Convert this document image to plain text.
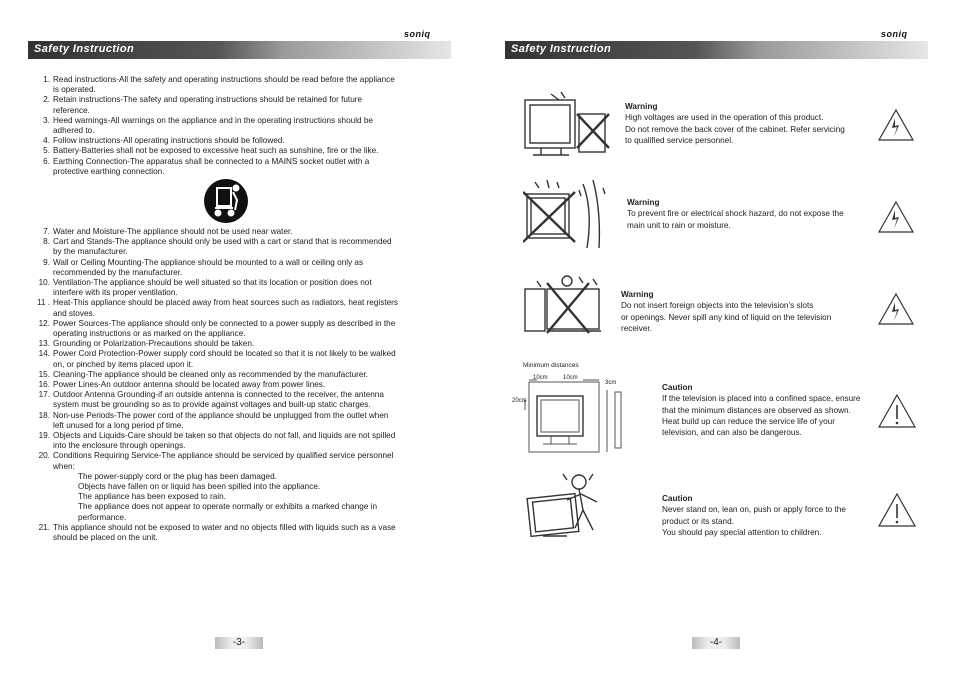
soniq
Safety Instruction
1. Read instructions-All the safety and operating instructions should be read before the appliance
is operated.
2. Retain instructions-The safety and operating instructions should be retained for future
reference.
3. Heed warnings-All warnings on the appliance and in the operating instructions should be
adhered to.
4. Follow instructions-All operating instructions should be followed.
5. Battery-Batteries shall not be exposed to excessive heat such as sunshine, fire or the like.
6. Earthing Connection-The apparatus shall be connected to a MAINS socket outlet with a
protective earthing connection.
7. Water and Moisture-The appliance should not be used near water.
8. Cart and Stands-The appliance should only be used with a cart or stand that is recommended
by the manufacturer.
9. Wall or Ceiling Mounting-The appliance should be mounted to a wall or ceiling only as
recommended by the manufacturer.
10. Ventilation-The appliance should be well situated so that its location or position does not
interfere with its proper ventilation.
11 . Heat-This appliance should be placed away from heat sources such as radiators, heat registers
and stoves.
12. Power Sources-The appliance should only be connected to a power supply as described in the
operating instructions or as marked on the appliance.
13. Grounding or Polarization-Precautions should be taken.
14. Power Cord Protection-Power supply cord should be located so that it is not likely to be walked
on, or pinched by items placed upon it.
15. Cleaning-The appliance should be cleaned only as recommended by the manufacturer.
16. Power Lines-An outdoor antenna should be located away from power lines.
17. Outdoor Antenna Grounding-if an outside antenna is connected to the receiver, the antenna
system must be grounding so as to provide against voltages and built-up static charges.
18. Non-use Periods-The power cord of the appliance should be unplugged from the outlet when
left unused for a long period pf time.
19. Objects and Liquids-Care should be taken so that objects do not fall, and liquids are not spilled
into the enclosure through openings.
20. Conditions Requiring Service-The appliance should be serviced by qualified service personnel
when:
The power-supply cord or the plug has been damaged.
Objects have fallen on or liquid has been spilled into the appliance.
The appliance has been exposed to rain.
The appliance does not appear to operate normally or exhibits a marked change in
performance.
21. This appliance should not be exposed to water and no objects filled with liquids such as a vase
should be placed on the unit.
-3-
soniq
Safety Instruction
Warning
High voltages are used in the operation of this product.
Do not remove the back cover of the cabinet. Refer servicing
to qualified service personnel.
Warning
To prevent fire or electrical shock hazard, do not expose the
main unit to rain or moisture.
Warning
Do not insert foreign objects into the television’s slots
or openings. Never spill any kind of liquid on the television
receiver.
Minimum distances
10cm	10cm
3cm
20cm
Caution
If the television is placed into a confined space, ensure
that the minimum distances are observed as shown.
Heat build up can reduce the service life of your
television, and can also be dangerous.
Caution
Never stand on, lean on, push or apply force to the
product or its stand.
You should pay special attention to children.
-4-
